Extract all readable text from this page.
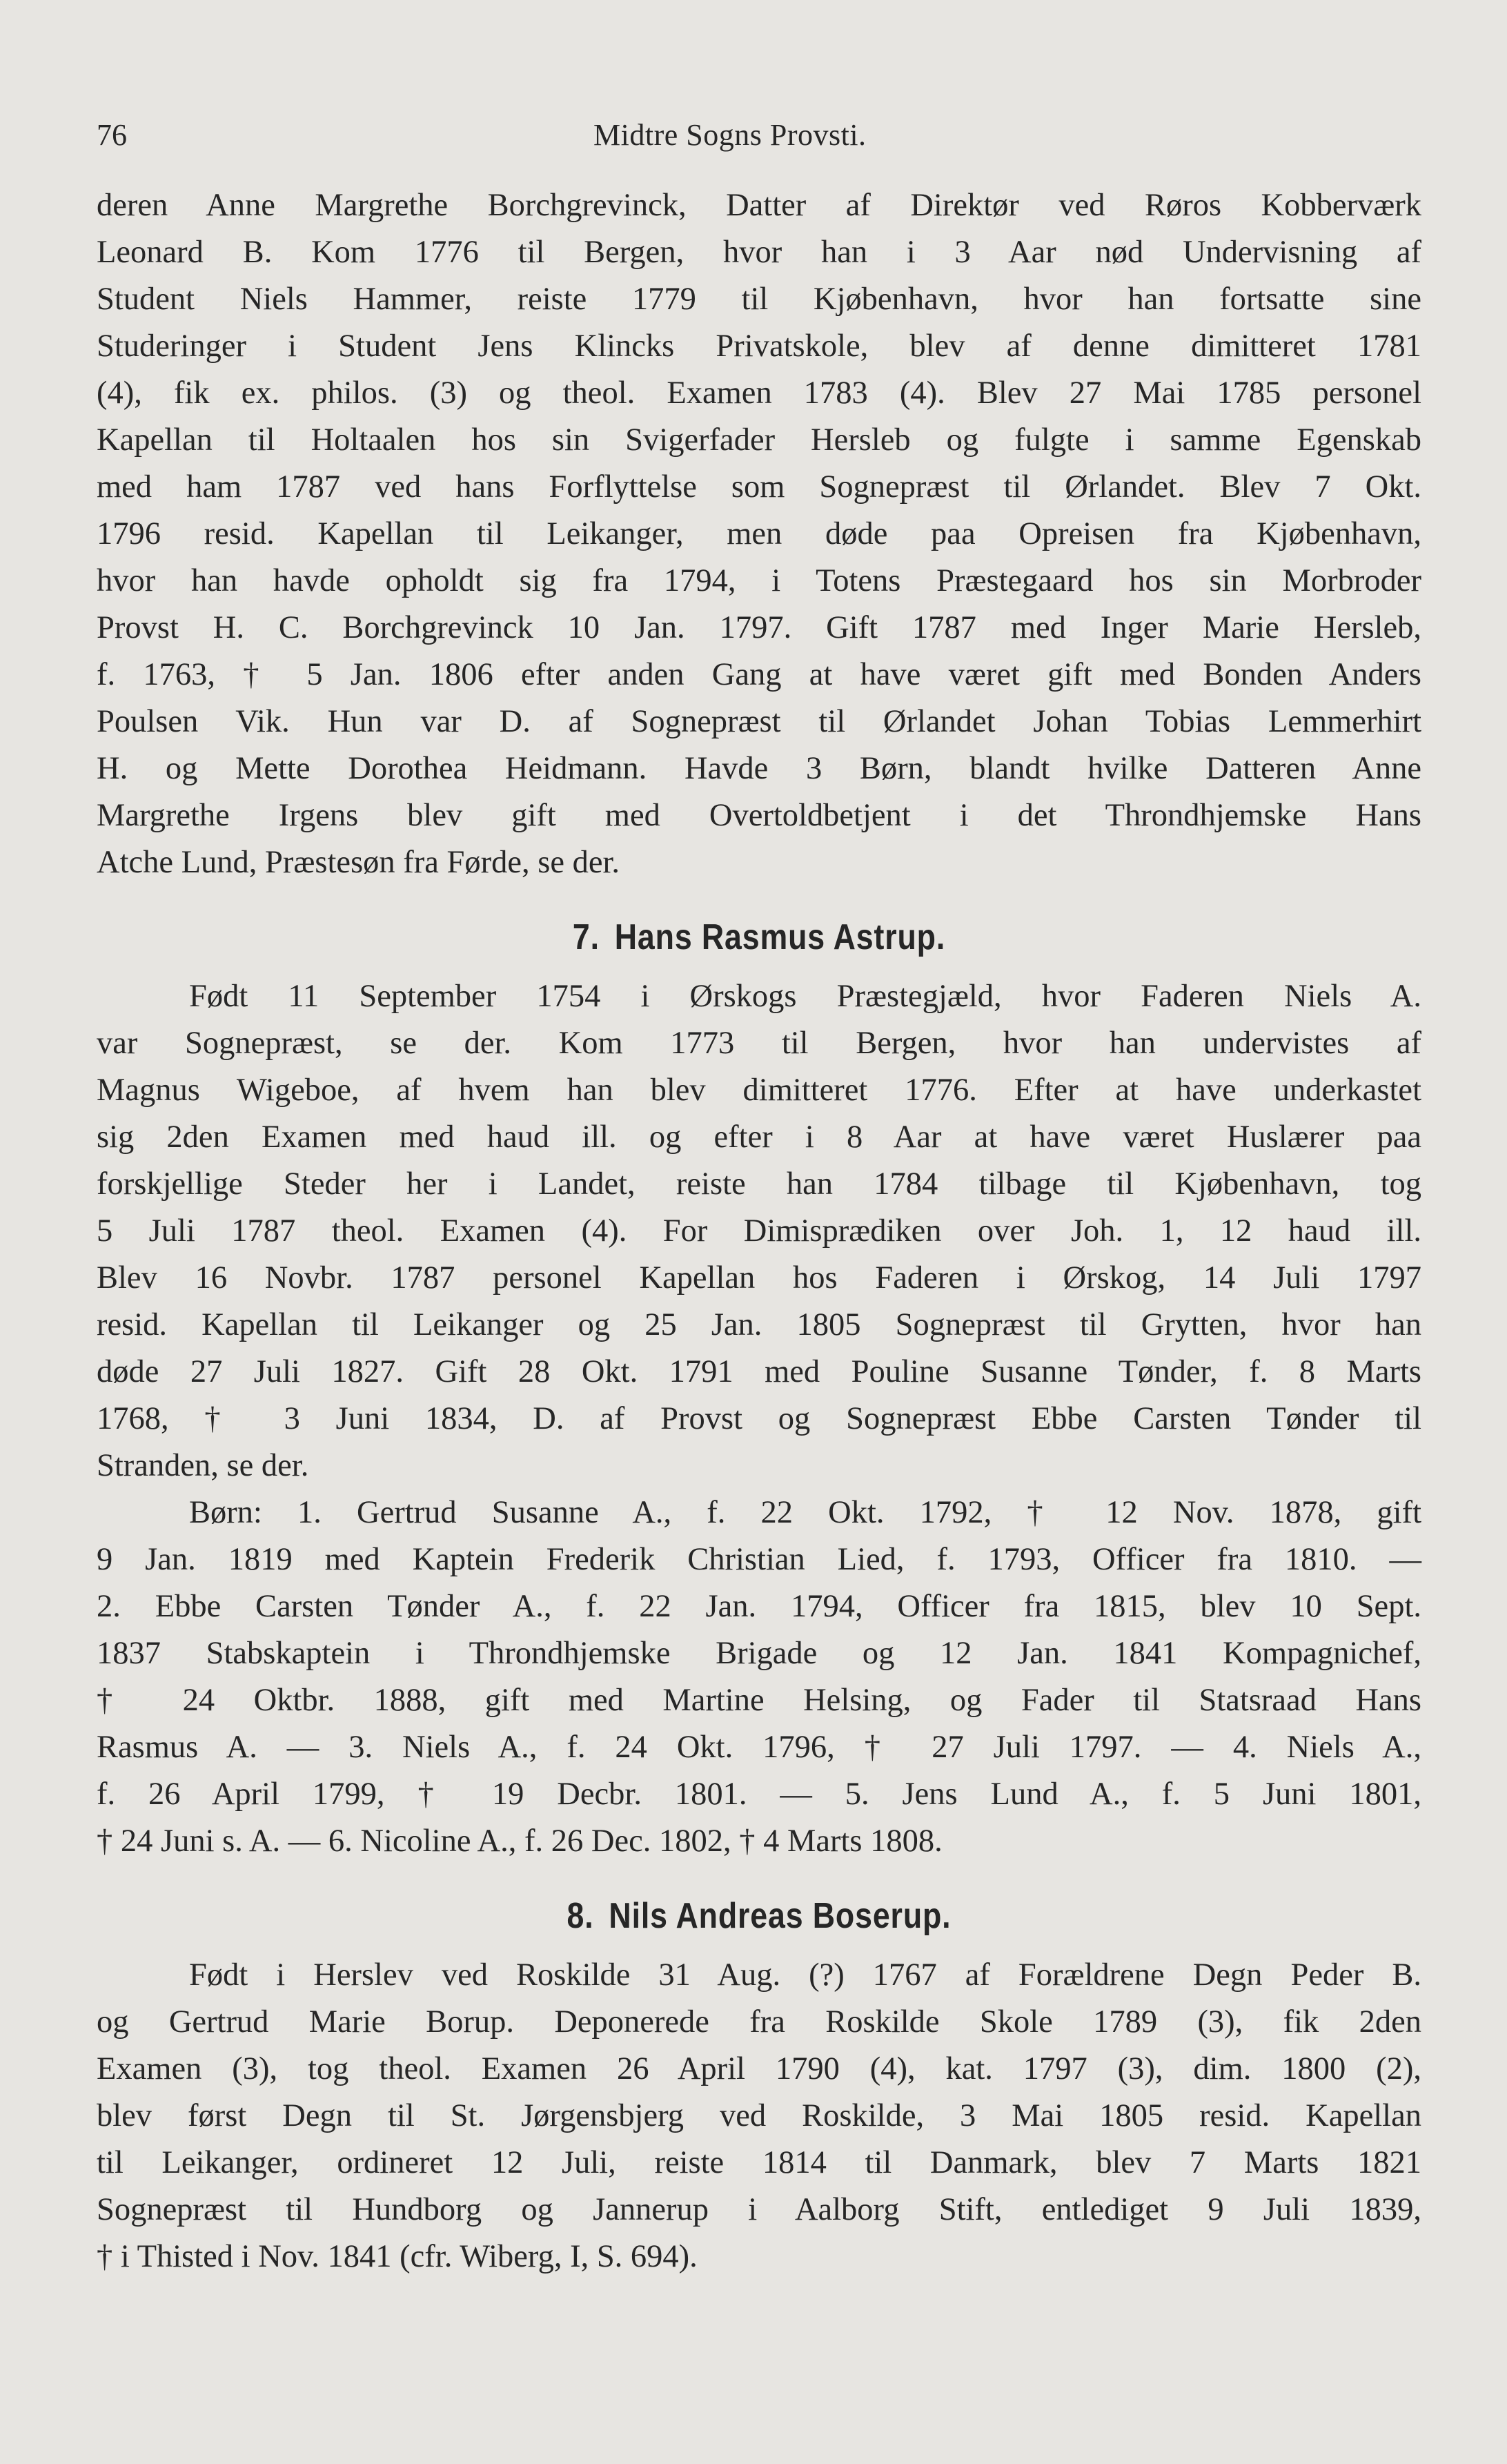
76	Midtre Sogns Provsti.

deren Anne Margrethe Borchgrevinck, Datter af Direktør ved Røros Kobberværk

Leonard B. Kom 1776 til Bergen, hvor han i 3 Aar nød Undervisning af

Student Niels Hammer, reiste 1779 til Kjøbenhavn, hvor han fortsatte sine

Studeringer i Student Jens Klincks Privatskole, blev af denne dimitteret 1781

(4), fik ex. philos. (3) og theol. Examen 1783 (4). Blev 27 Mai 1785 personel

Kapellan til Holtaalen hos sin Svigerfader Hersleb og fulgte i samme Egenskab

med ham 1787 ved hans Forflyttelse som Sognepræst til Ørlandet. Blev 7 Okt.

1796 resid. Kapellan til Leikanger, men døde paa Opreisen fra Kjøbenhavn,

hvor han havde opholdt sig fra 1794, i Totens Præstegaard hos sin Morbroder

Provst H. C. Borchgrevinck 10 Jan. 1797. Gift 1787 med Inger Marie Hersleb,

f. 1763, † 5 Jan. 1806 efter anden Gang at have været gift med Bonden Anders

Poulsen Vik. Hun var D. af Sognepræst til Ørlandet Johan Tobias Lemmerhirt

H. og Mette Dorothea Heidmann. Havde 3 Børn, blandt hvilke Datteren Anne

Margrethe Irgens blev gift med Overtoldbetjent i det Throndhjemske Hans

Atche Lund, Præstesøn fra Førde, se der.

7. Hans Rasmus Astrup.

Født 11 September 1754 i Ørskogs Præstegjæld, hvor Faderen Niels A.

var Sognepræst, se der. Kom 1773 til Bergen, hvor han undervistes af

Magnus Wigeboe, af hvem han blev dimitteret 1776. Efter at have underkastet

sig 2den Examen med haud ill. og efter i 8 Aar at have været Huslærer paa

forskjellige Steder her i Landet, reiste han 1784 tilbage til Kjøbenhavn, tog

5 Juli 1787 theol. Examen (4). For Dimisprædiken over Joh. 1, 12 haud ill.

Blev 16 Novbr. 1787 personel Kapellan hos Faderen i Ørskog, 14 Juli 1797

resid. Kapellan til Leikanger og 25 Jan. 1805 Sognepræst til Grytten, hvor han

døde 27 Juli 1827. Gift 28 Okt. 1791 med Pouline Susanne Tønder, f. 8 Marts

1768, † 3 Juni 1834, D. af Provst og Sognepræst Ebbe Carsten Tønder til

Stranden, se der.

Børn: 1. Gertrud Susanne A., f. 22 Okt. 1792, † 12 Nov. 1878, gift

9 Jan. 1819 med Kaptein Frederik Christian Lied, f. 1793, Officer fra 1810. —

2. Ebbe Carsten Tønder A., f. 22 Jan. 1794, Officer fra 1815, blev 10 Sept.

1837 Stabskaptein i Throndhjemske Brigade og 12 Jan. 1841 Kompagnichef,

† 24 Oktbr. 1888, gift med Martine Helsing, og Fader til Statsraad Hans

Rasmus A. — 3. Niels A., f. 24 Okt. 1796, † 27 Juli 1797. — 4. Niels A.,

f. 26 April 1799, † 19 Decbr. 1801. — 5. Jens Lund A., f. 5 Juni 1801,

† 24 Juni s. A. — 6. Nicoline A., f. 26 Dec. 1802, † 4 Marts 1808.

8. Nils Andreas Boserup.

Født i Herslev ved Roskilde 31 Aug. (?) 1767 af Forældrene Degn Peder B.

og Gertrud Marie Borup. Deponerede fra Roskilde Skole 1789 (3), fik 2den

Examen (3), tog theol. Examen 26 April 1790 (4), kat. 1797 (3), dim. 1800 (2),

blev først Degn til St. Jørgensbjerg ved Roskilde, 3 Mai 1805 resid. Kapellan

til Leikanger, ordineret 12 Juli, reiste 1814 til Danmark, blev 7 Marts 1821

Sognepræst til Hundborg og Jannerup i Aalborg Stift, entlediget 9 Juli 1839,

† i Thisted i Nov. 1841 (cfr. Wiberg, I, S. 694).
